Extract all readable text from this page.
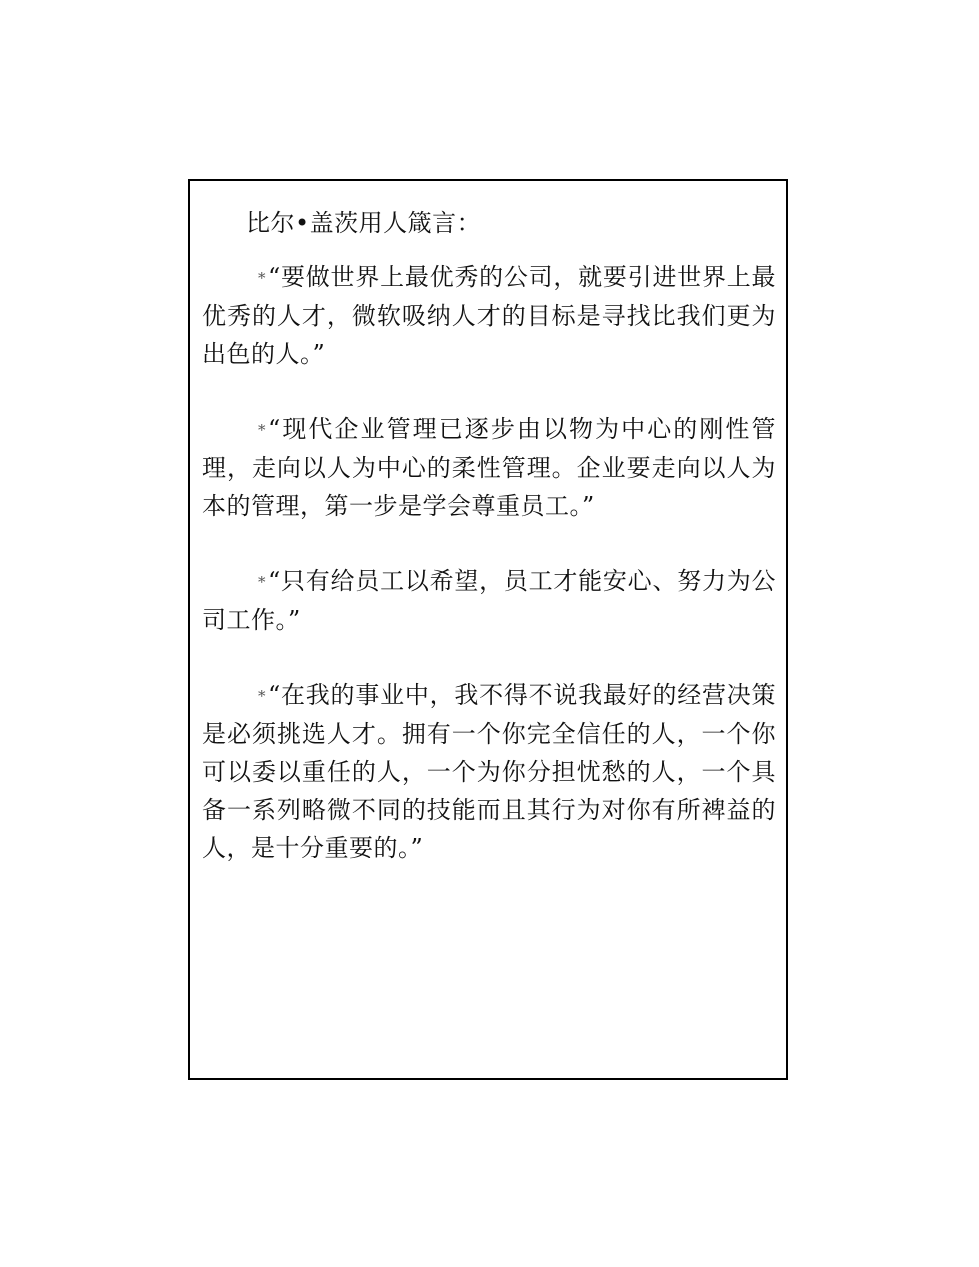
比尔•盖茨用人箴言：

*“要做世界上最优秀的公司，就要引进世界上最优秀的人才，微软吸纳人才的目标是寻找比我们更为出色的人。”

*“现代企业管理已逐步由以物为中心的刚性管理，走向以人为中心的柔性管理。企业要走向以人为本的管理，第一步是学会尊重员工。”

*“只有给员工以希望，员工才能安心、努力为公司工作。”

*“在我的事业中，我不得不说我最好的经营决策是必须挑选人才。拥有一个你完全信任的人，一个你可以委以重任的人，一个为你分担忧愁的人，一个具备一系列略微不同的技能而且其行为对你有所裨益的人，是十分重要的。”
